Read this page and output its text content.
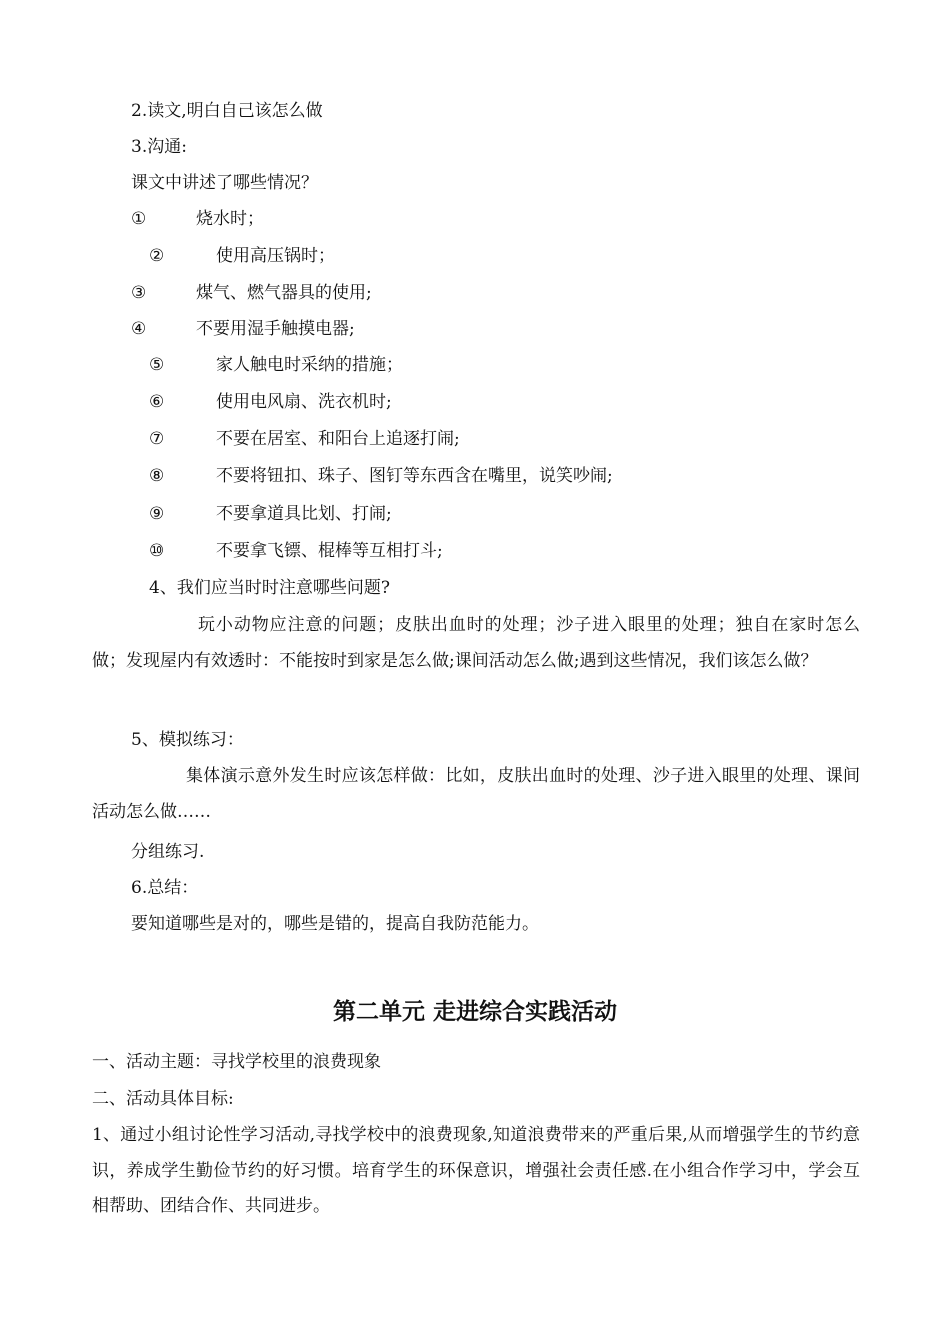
2.读文,明白自己该怎么做
3.沟通:
课文中讲述了哪些情况？
①	烧水时；
②	使用高压锅时；
③	煤气、燃气器具的使用;
④	不要用湿手触摸电器;
⑤	家人触电时采纳的措施；
⑥	使用电风扇、洗衣机时;
⑦	不要在居室、和阳台上追逐打闹;
⑧	不要将钮扣、珠子、图钉等东西含在嘴里，说笑吵闹;
⑨	不要拿道具比划、打闹;
⑩	不要拿飞镖、棍棒等互相打斗;
4、我们应当时时注意哪些问题?
玩小动物应注意的问题；皮肤出血时的处理；沙子进入眼里的处理；独自在家时怎么做；发现屋内有效透时：不能按时到家是怎么做;课间活动怎么做;遇到这些情况，我们该怎么做？
5、模拟练习：
集体演示意外发生时应该怎样做：比如，皮肤出血时的处理、沙子进入眼里的处理、课间活动怎么做……
分组练习.
6.总结：
要知道哪些是对的，哪些是错的，提高自我防范能力。
第二单元 走进综合实践活动
一、活动主题：寻找学校里的浪费现象
二、活动具体目标:
1、通过小组讨论性学习活动,寻找学校中的浪费现象,知道浪费带来的严重后果,从而增强学生的节约意识，养成学生勤俭节约的好习惯。培育学生的环保意识，增强社会责任感.在小组合作学习中，学会互相帮助、团结合作、共同进步。
